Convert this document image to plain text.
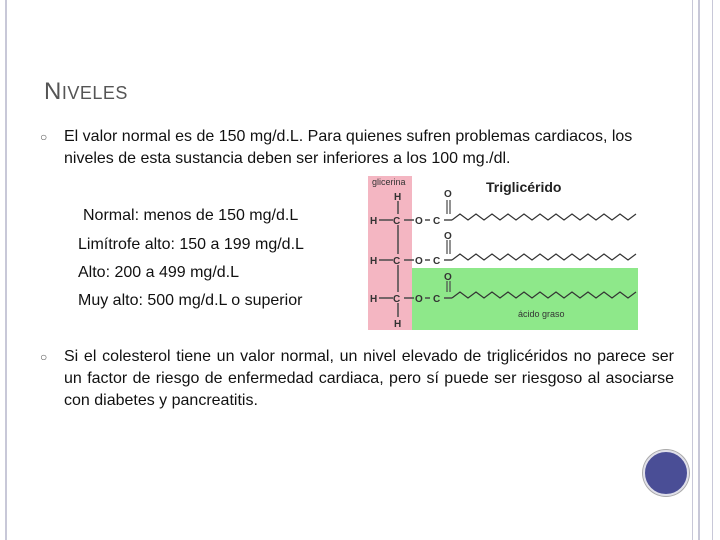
NIVELES
○ El valor normal es de 150 mg/d.L. Para quienes sufren problemas cardiacos, los niveles de esta sustancia deben ser inferiores a los 100 mg./dl.
Normal: menos de 150 mg/d.L
Limítrofe alto: 150 a 199 mg/d.L
Alto: 200 a 499 mg/d.L
Muy alto: 500 mg/d.L o superior
glicerina	Triglicérido
ácido graso
H
H C O C
O
H C O C
O
H C O C
O
H
○ Si el colesterol tiene un valor normal, un nivel elevado de triglicéridos no parece ser un factor de riesgo de enfermedad cardiaca, pero sí puede ser riesgoso al asociarse con diabetes y pancreatitis.
